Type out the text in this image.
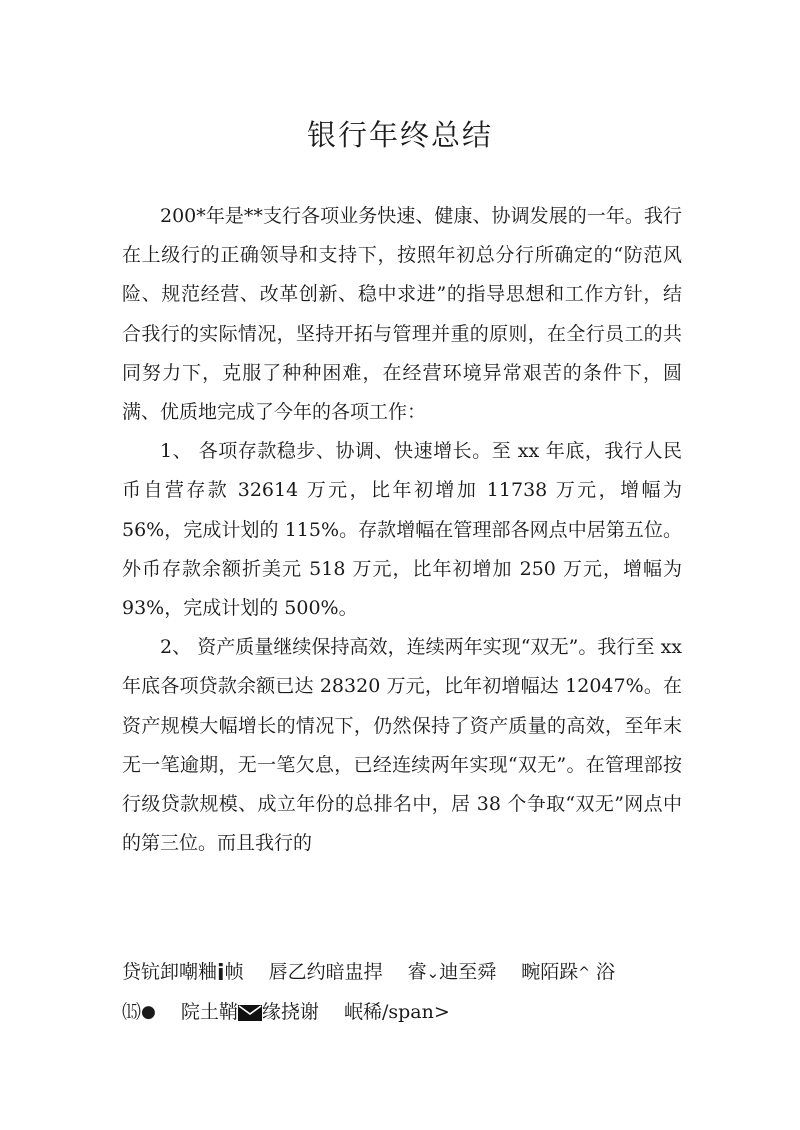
银行年终总结

200*年是**支行各项业务快速、健康、协调发展的一年。我行在上级行的正确领导和支持下，按照年初总分行所确定的“防范风险、规范经营、改革创新、稳中求进”的指导思想和工作方针，结合我行的实际情况，坚持开拓与管理并重的原则，在全行员工的共同努力下，克服了种种困难，在经营环境异常艰苦的条件下，圆满、优质地完成了今年的各项工作：

1、 各项存款稳步、协调、快速增长。至 xx 年底，我行人民币自营存款 32614 万元，比年初增加 11738 万元，增幅为 56%，完成计划的 115%。存款增幅在管理部各网点中居第五位。外币存款余额折美元 518 万元，比年初增加 250 万元，增幅为 93%，完成计划的 500%。

2、 资产质量继续保持高效，连续两年实现“双无”。我行至 xx 年底各项贷款余额已达 28320 万元，比年初增幅达 12047%。在资产规模大幅增长的情况下，仍然保持了资产质量的高效，至年末无一笔逾期，无一笔欠息，已经连续两年实现“双无”。在管理部按行级贷款规模、成立年份的总排名中，居 38 个争取“双无”网点中的第三位。而且我行的

贷钪卸嘲粬i帧　 唇乙约暗盅捍　 睿⌄迪至舜　 畹陌跺^ 浴
⒂●　 院土鞘 缘挠谢　 岷稀/span>
